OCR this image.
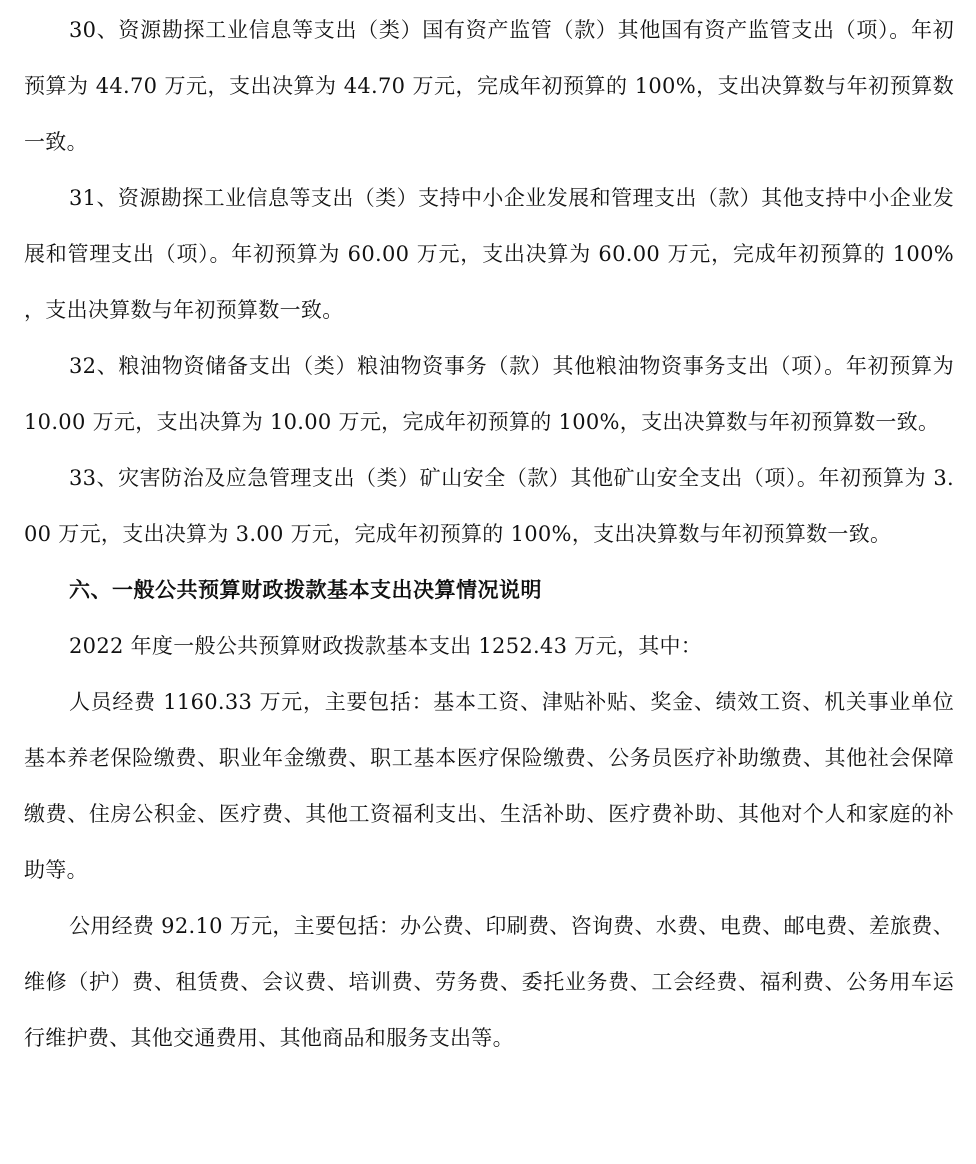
30、资源勘探工业信息等支出（类）国有资产监管（款）其他国有资产监管支出（项）。年初预算为 44.70 万元，支出决算为 44.70 万元，完成年初预算的 100%，支出决算数与年初预算数一致。

31、资源勘探工业信息等支出（类）支持中小企业发展和管理支出（款）其他支持中小企业发展和管理支出（项）。年初预算为 60.00 万元，支出决算为 60.00 万元，完成年初预算的 100%，支出决算数与年初预算数一致。

32、粮油物资储备支出（类）粮油物资事务（款）其他粮油物资事务支出（项）。年初预算为 10.00 万元，支出决算为 10.00 万元，完成年初预算的 100%，支出决算数与年初预算数一致。

33、灾害防治及应急管理支出（类）矿山安全（款）其他矿山安全支出（项）。年初预算为 3.00 万元，支出决算为 3.00 万元，完成年初预算的 100%，支出决算数与年初预算数一致。

六、一般公共预算财政拨款基本支出决算情况说明

2022 年度一般公共预算财政拨款基本支出 1252.43 万元，其中：

人员经费 1160.33 万元，主要包括：基本工资、津贴补贴、奖金、绩效工资、机关事业单位基本养老保险缴费、职业年金缴费、职工基本医疗保险缴费、公务员医疗补助缴费、其他社会保障缴费、住房公积金、医疗费、其他工资福利支出、生活补助、医疗费补助、其他对个人和家庭的补助等。

公用经费 92.10 万元，主要包括：办公费、印刷费、咨询费、水费、电费、邮电费、差旅费、维修（护）费、租赁费、会议费、培训费、劳务费、委托业务费、工会经费、福利费、公务用车运行维护费、其他交通费用、其他商品和服务支出等。
